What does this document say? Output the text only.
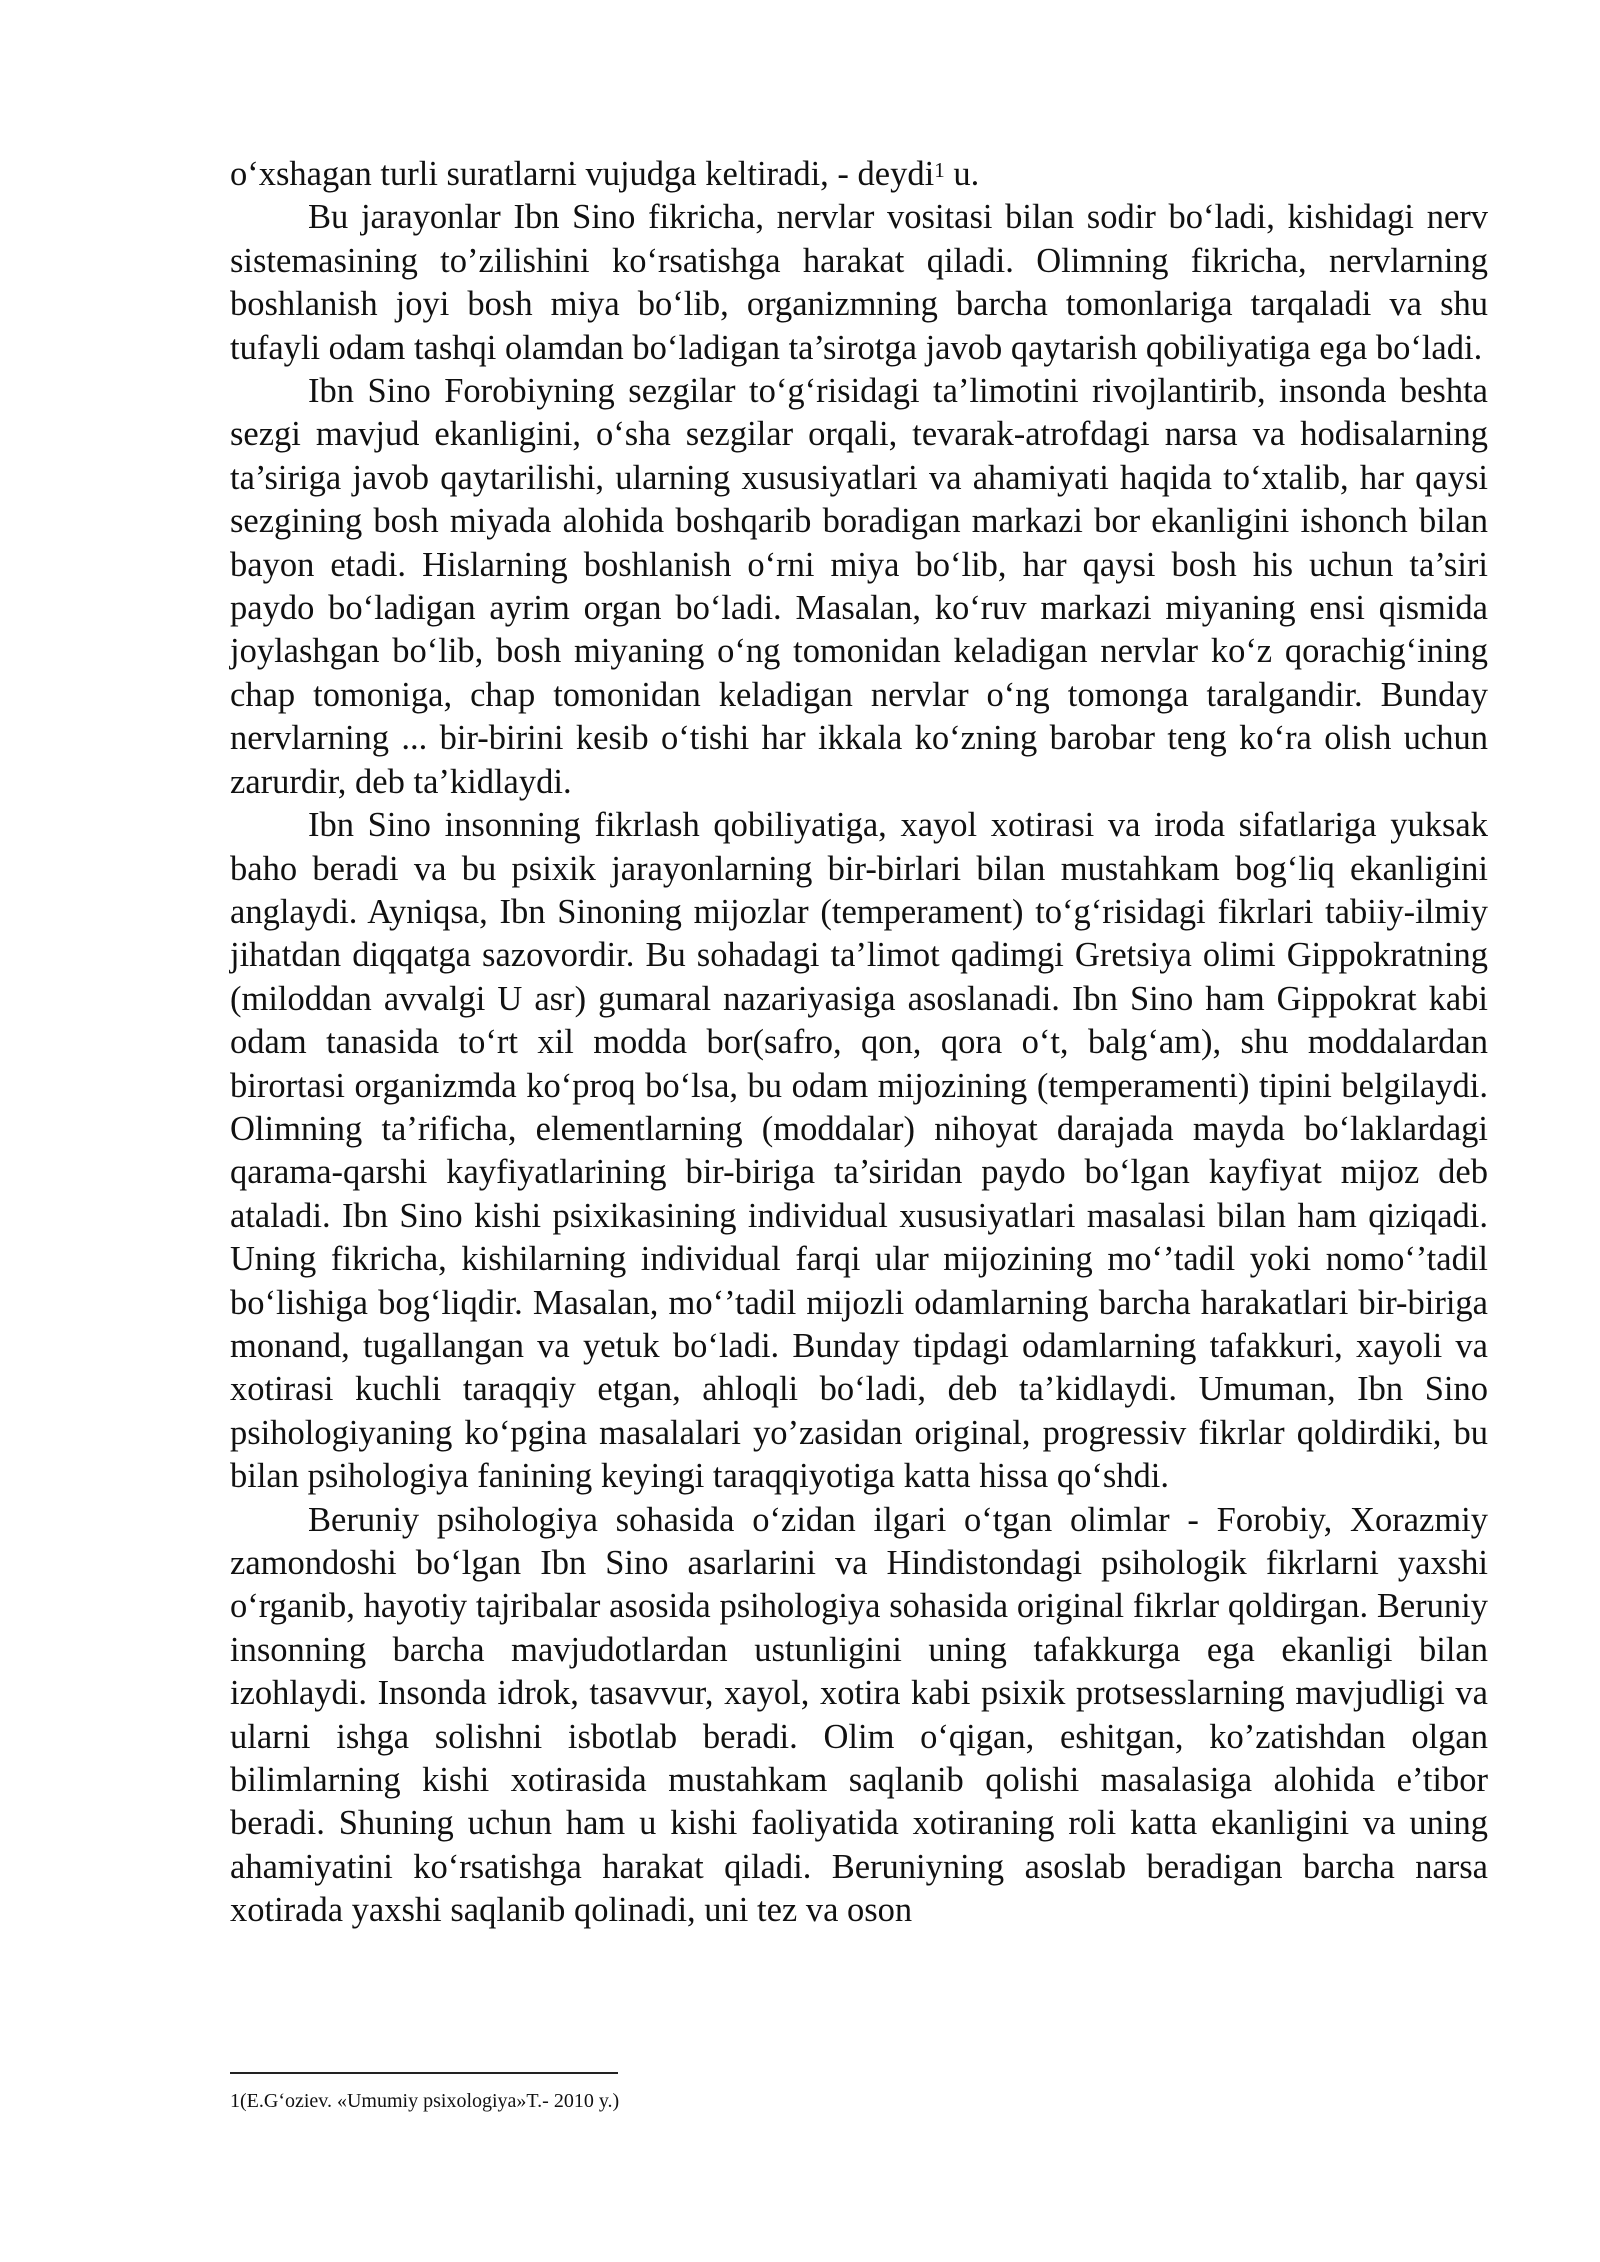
o‘xshagan turli suratlarni vujudga keltiradi, - deydi$^1$ u.

Bu jarayonlar Ibn Sino fikricha, nervlar vositasi bilan sodir bo‘ladi, kishidagi nerv sistemasining to’zilishini ko‘rsatishga harakat qiladi. Olimning fikricha, nervlarning boshlanish joyi bosh miya bo‘lib, organizmning barcha tomonlariga tarqaladi va shu tufayli odam tashqi olamdan bo‘ladigan ta’sirotga javob qaytarish qobiliyatiga ega bo‘ladi.

Ibn Sino Forobiyning sezgilar to‘g‘risidagi ta’limotini rivojlantirib, insonda beshta sezgi mavjud ekanligini, o‘sha sezgilar orqali, tevarak-atrofdagi narsa va hodisalarning ta’siriga javob qaytarilishi, ularning xususiyatlari va ahamiyati haqida to‘xtalib, har qaysi sezgining bosh miyada alohida boshqarib boradigan markazi bor ekanligini ishonch bilan bayon etadi. Hislarning boshlanish o‘rni miya bo‘lib, har qaysi bosh his uchun ta’siri paydo bo‘ladigan ayrim organ bo‘ladi. Masalan, ko‘ruv markazi miyaning ensi qismida joylashgan bo‘lib, bosh miyaning o‘ng tomonidan keladigan nervlar ko‘z qorachig‘ining chap tomoniga, chap tomonidan keladigan nervlar o‘ng tomonga taralgandir. Bunday nervlarning ... bir-birini kesib o‘tishi har ikkala ko‘zning barobar teng ko‘ra olish uchun zarurdir, deb ta’kidlaydi.

Ibn Sino insonning fikrlash qobiliyatiga, xayol xotirasi va iroda sifatlariga yuksak baho beradi va bu psixik jarayonlarning bir-birlari bilan mustahkam bog‘liq ekanligini anglaydi. Ayniqsa, Ibn Sinoning mijozlar (temperament) to‘g‘risidagi fikrlari tabiiy-ilmiy jihatdan diqqatga sazovordir. Bu sohadagi ta’limot qadimgi Gretsiya olimi Gippokratning (miloddan avvalgi U asr) gumaral nazariyasiga asoslanadi. Ibn Sino ham Gippokrat kabi odam tanasida to‘rt xil modda bor(safro, qon, qora o‘t, balg‘am), shu moddalardan birortasi organizmda ko‘proq bo‘lsa, bu odam mijozining (temperamenti) tipini belgilaydi. Olimning ta’rificha, elementlarning (moddalar) nihoyat darajada mayda bo‘laklardagi qarama-qarshi kayfiyatlarining bir-biriga ta’siridan paydo bo‘lgan kayfiyat mijoz deb ataladi. Ibn Sino kishi psixikasining individual xususiyatlari masalasi bilan ham qiziqadi. Uning fikricha, kishilarning individual farqi ular mijozining mo‘’tadil yoki nomo‘’tadil bo‘lishiga bog‘liqdir. Masalan, mo‘’tadil mijozli odamlarning barcha harakatlari bir-biriga monand, tugallangan va yetuk bo‘ladi. Bunday tipdagi odamlarning tafakkuri, xayoli va xotirasi kuchli taraqqiy etgan, ahloqli bo‘ladi, deb ta’kidlaydi. Umuman, Ibn Sino psihologiyaning ko‘pgina masalalari yo’zasidan original, progressiv fikrlar qoldirdiki, bu bilan psihologiya fanining keyingi taraqqiyotiga katta hissa qo‘shdi.

Beruniy psihologiya sohasida o‘zidan ilgari o‘tgan olimlar - Forobiy, Xorazmiy zamondoshi bo‘lgan Ibn Sino asarlarini va Hindistondagi psihologik fikrlarni yaxshi o‘rganib, hayotiy tajribalar asosida psihologiya sohasida original fikrlar qoldirgan. Beruniy insonning barcha mavjudotlardan ustunligini uning tafakkurga ega ekanligi bilan izohlaydi. Insonda idrok, tasavvur, xayol, xotira kabi psixik protsesslarning mavjudligi va ularni ishga solishni isbotlab beradi. Olim o‘qigan, eshitgan, ko’zatishdan olgan bilimlarning kishi xotirasida mustahkam saqlanib qolishi masalasiga alohida e’tibor beradi. Shuning uchun ham u kishi faoliyatida xotiraning roli katta ekanligini va uning ahamiyatini ko‘rsatishga harakat qiladi. Beruniyning asoslab beradigan barcha narsa xotirada yaxshi saqlanib qolinadi, uni tez va oson

1(E.G‘oziev. «Umumiy psixologiya»T.- 2010 y.)
